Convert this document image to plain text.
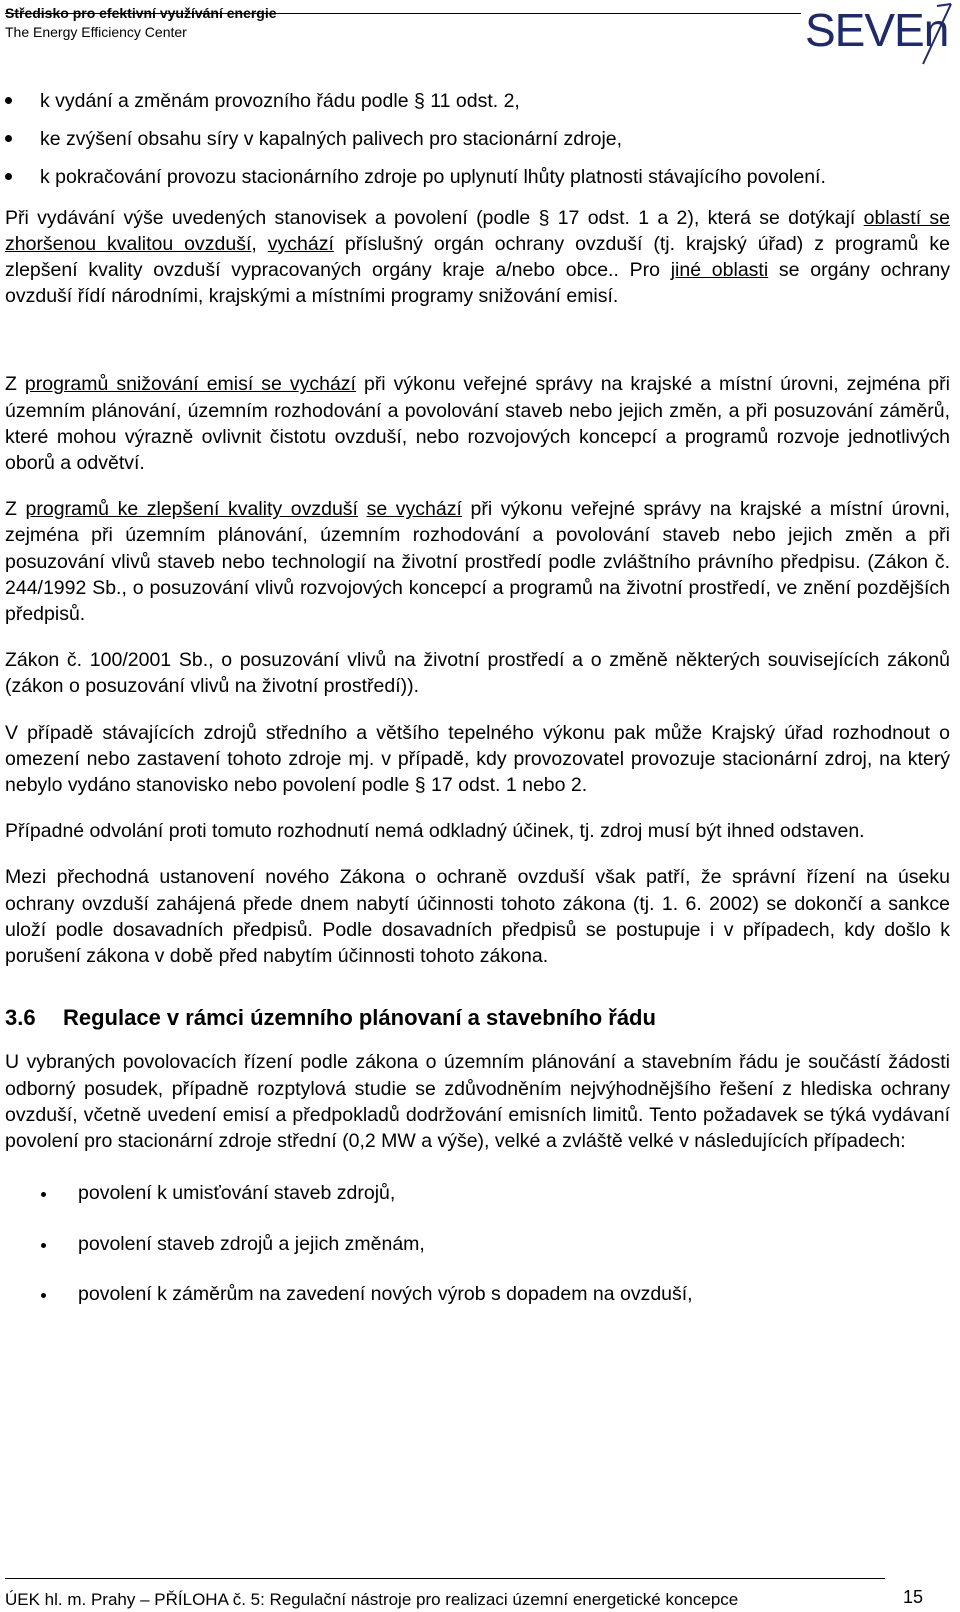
Středisko pro efektivní využívání energie
The Energy Efficiency Center	SEVEn
k vydání a změnám provozního řádu podle § 11 odst. 2,
ke zvýšení obsahu síry v kapalných palivech pro stacionární zdroje,
k pokračování provozu stacionárního zdroje po uplynutí lhůty platnosti stávajícího povolení.

Při vydávání výše uvedených stanovisek a povolení (podle § 17 odst. 1 a 2), která se dotýkají oblastí se zhoršenou kvalitou ovzduší, vychází příslušný orgán ochrany ovzduší (tj. krajský úřad) z programů ke zlepšení kvality ovzduší vypracovaných orgány kraje a/nebo obce.. Pro jiné oblasti se orgány ochrany ovzduší řídí národními, krajskými a místními programy snižování emisí.

Z programů snižování emisí se vychází při výkonu veřejné správy na krajské a místní úrovni, zejména při územním plánování, územním rozhodování a povolování staveb nebo jejich změn, a při posuzování záměrů, které mohou výrazně ovlivnit čistotu ovzduší, nebo rozvojových koncepcí a programů rozvoje jednotlivých oborů a odvětví.

Z programů ke zlepšení kvality ovzduší se vychází při výkonu veřejné správy na krajské a místní úrovni, zejména při územním plánování, územním rozhodování a povolování staveb nebo jejich změn a při posuzování vlivů staveb nebo technologií na životní prostředí podle zvláštního právního předpisu. (Zákon č. 244/1992 Sb., o posuzování vlivů rozvojových koncepcí a programů na životní prostředí, ve znění pozdějších předpisů.

Zákon č. 100/2001 Sb., o posuzování vlivů na životní prostředí a o změně některých souvisejících zákonů (zákon o posuzování vlivů na životní prostředí)).

V případě stávajících zdrojů středního a většího tepelného výkonu pak může Krajský úřad rozhodnout o omezení nebo zastavení tohoto zdroje mj. v případě, kdy provozovatel provozuje stacionární zdroj, na který nebylo vydáno stanovisko nebo povolení podle § 17 odst. 1 nebo 2.

Případné odvolání proti tomuto rozhodnutí nemá odkladný účinek, tj. zdroj musí být ihned odstaven.

Mezi přechodná ustanovení nového Zákona o ochraně ovzduší však patří, že správní řízení na úseku ochrany ovzduší zahájená přede dnem nabytí účinnosti tohoto zákona (tj. 1. 6. 2002) se dokončí a sankce uloží podle dosavadních předpisů. Podle dosavadních předpisů se postupuje i v případech, kdy došlo k porušení zákona v době před nabytím účinnosti tohoto zákona.

3.6 Regulace v rámci územního plánovaní a stavebního řádu

U vybraných povolovacích řízení podle zákona o územním plánování a stavebním řádu je součástí žádosti odborný posudek, případně rozptylová studie se zdůvodněním nejvýhodnějšího řešení z hlediska ochrany ovzduší, včetně uvedení emisí a předpokladů dodržování emisních limitů. Tento požadavek se týká vydávaní povolení pro stacionární zdroje střední (0,2 MW a výše), velké a zvláště velké v následujících případech:

povolení k umisťování staveb zdrojů,
povolení staveb zdrojů a jejich změnám,
povolení k záměrům na zavedení nových výrob s dopadem na ovzduší,
ÚEK hl. m. Prahy – PŘÍLOHA č. 5: Regulační nástroje pro realizaci územní energetické koncepce	15
